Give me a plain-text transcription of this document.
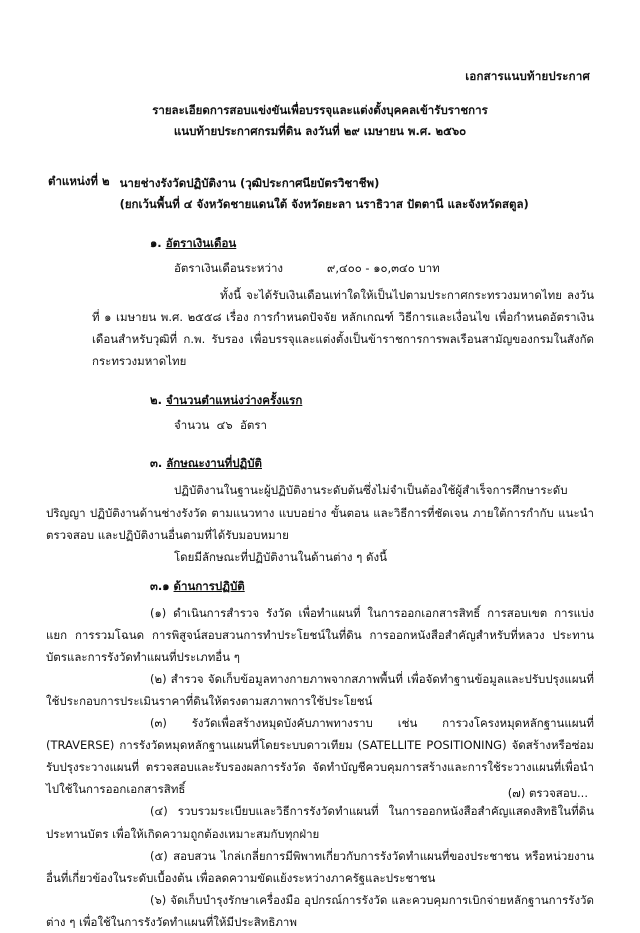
เอกสารแนบท้ายประกาศ
รายละเอียดการสอบแข่งขันเพื่อบรรจุและแต่งตั้งบุคคลเข้ารับราชการ
แนบท้ายประกาศกรมที่ดิน ลงวันที่ ๒๙ เมษายน พ.ศ. ๒๕๖๐
ตำแหน่งที่ ๒ นายช่างรังวัดปฏิบัติงาน (วุฒิประกาศนียบัตรวิชาชีพ)
(ยกเว้นพื้นที่ ๔ จังหวัดชายแดนใต้ จังหวัดยะลา นราธิวาส ปัตตานี และจังหวัดสตูล)
๑. อัตราเงินเดือน
อัตราเงินเดือนระหว่าง            ๙,๔๐๐ - ๑๐,๓๔๐ บาท
ทั้งนี้ จะได้รับเงินเดือนเท่าใดให้เป็นไปตามประกาศกระทรวงมหาดไทย ลงวันที่ ๑ เมษายน พ.ศ. ๒๕๕๘ เรื่อง การกำหนดปัจจัย หลักเกณฑ์ วิธีการและเงื่อนไข เพื่อกำหนดอัตราเงินเดือนสำหรับวุฒิที่ ก.พ. รับรอง เพื่อบรรจุและแต่งตั้งเป็นข้าราชการการพลเรือนสามัญของกรมในสังกัดกระทรวงมหาดไทย
๒. จำนวนตำแหน่งว่างครั้งแรก
จำนวน  ๔๖  อัตรา
๓. ลักษณะงานที่ปฏิบัติ
ปฏิบัติงานในฐานะผู้ปฏิบัติงานระดับต้นซึ่งไม่จำเป็นต้องใช้ผู้สำเร็จการศึกษาระดับปริญญา ปฏิบัติงานด้านช่างรังวัด ตามแนวทาง แบบอย่าง ขั้นตอน และวิธีการที่ชัดเจน ภายใต้การกำกับ แนะนำ ตรวจสอบ และปฏิบัติงานอื่นตามที่ได้รับมอบหมาย
โดยมีลักษณะที่ปฏิบัติงานในด้านต่าง ๆ ดังนี้
๓.๑ ด้านการปฏิบัติ
(๑) ดำเนินการสำรวจ รังวัด เพื่อทำแผนที่ ในการออกเอกสารสิทธิ์ การสอบเขต การแบ่งแยก การรวมโฉนด การพิสูจน์สอบสวนการทำประโยชน์ในที่ดิน การออกหนังสือสำคัญสำหรับที่หลวง ประทานบัตรและการรังวัดทำแผนที่ประเภทอื่น ๆ
(๒) สำรวจ จัดเก็บข้อมูลทางกายภาพจากสภาพพื้นที่ เพื่อจัดทำฐานข้อมูลและปรับปรุงแผนที่ใช้ประกอบการประเมินราคาที่ดินให้ตรงตามสภาพการใช้ประโยชน์
(๓) รังวัดเพื่อสร้างหมุดบังคับภาพทางราบ เช่น การวงโครงหมุดหลักฐานแผนที่ (TRAVERSE) การรังวัดหมุดหลักฐานแผนที่โดยระบบดาวเทียม (SATELLITE POSITIONING) จัดสร้างหรือซ่อมรับปรุงระวางแผนที่ ตรวจสอบและรับรองผลการรังวัด จัดทำบัญชีควบคุมการสร้างและการใช้ระวางแผนที่เพื่อนำไปใช้ในการออกเอกสารสิทธิ์
(๔) รวบรวมระเบียบและวิธีการรังวัดทำแผนที่ ในการออกหนังสือสำคัญแสดงสิทธิในที่ดินประทานบัตร เพื่อให้เกิดความถูกต้องเหมาะสมกับทุกฝ่าย
(๕) สอบสวน ไกล่เกลี่ยการมีพิพาทเกี่ยวกับการรังวัดทำแผนที่ของประชาชน หรือหน่วยงานอื่นที่เกี่ยวข้องในระดับเบื้องต้น เพื่อลดความขัดแย้งระหว่างภาครัฐและประชาชน
(๖) จัดเก็บบำรุงรักษาเครื่องมือ อุปกรณ์การรังวัด และควบคุมการเบิกจ่ายหลักฐานการรังวัดต่าง ๆ เพื่อใช้ในการรังวัดทำแผนที่ให้มีประสิทธิภาพ
(๗) ตรวจสอบ...
